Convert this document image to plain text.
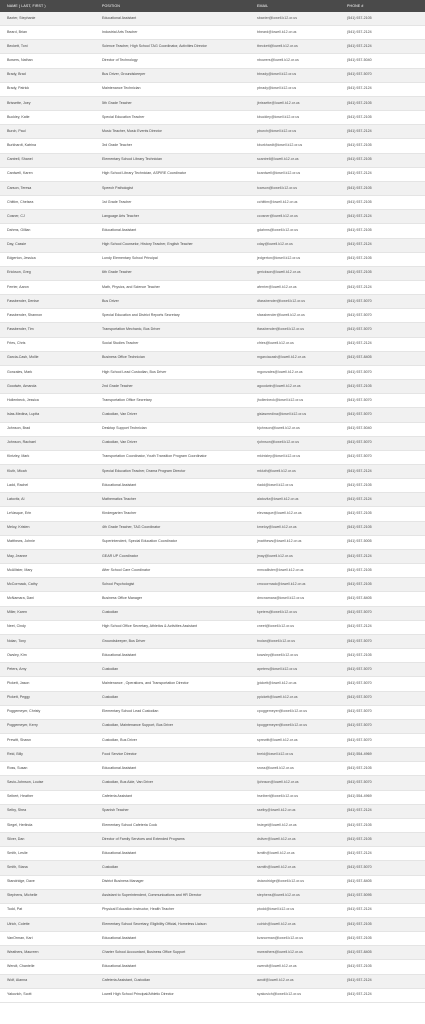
NAME ( LAST, FIRST )	POSITION	EMAIL	PHONE #
Baxter, Stephanie	Educational Assistant	sbaxter@lowell.k12.or.us	(541) 937-2105
Beard, Brian	Industrial Arts Teacher	bbeard@lowell.k12.or.us	(541) 937-2124
Beckett, Toni	Science Teacher, High School TAG Coordinator, Activities Director	tbeckett@lowell.k12.or.us	(541) 937-2124
Bowers, Nathan	Director of Technology	nbowers@lowell.k12.or.us	(541) 937-5040
Brady, Brad	Bus Driver, Groundskeeper	bbrady@lowell.k12.or.us	(541) 937-5070
Brady, Patrick	Maintenance Technician	pbrady@lowell.k12.or.us	(541) 937-2124
Brissette, Joey	5th Grade Teacher	jbrissette@lowell.k12.or.us	(541) 937-2105
Buckley, Katie	Special Education Teacher	kbuckley@lowell.k12.or.us	(541) 937-2105
Burch, Paul	Music Teacher, Music Events Director	pburch@lowell.k12.or.us	(541) 937-2124
Burkhardt, Katrina	3rd Grade Teacher	kburkhardt@lowell.k12.or.us	(541) 937-2105
Cantrell, Shanel	Elementary School Library Technician	scantrell@lowell.k12.or.us	(541) 937-2105
Cardwell, Karen	High School Library Technician, ASPIRE Coordinator	kcardwell@lowell.k12.or.us	(541) 937-2124
Carson, Teresa	Speech Pathologist	tcarson@lowell.k12.or.us	(541) 937-2105
Chittim, Chelsea	1st Grade Teacher	cchittim@lowell.k12.or.us	(541) 937-2105
Cosner, CJ	Language Arts Teacher	ccosner@lowell.k12.or.us	(541) 937-2124
Dahms, Gillian	Educational Assistant	gdahms@lowell.k12.or.us	(541) 937-2105
Day, Cassie	High School Counselor, History Teacher, English Teacher	cday@lowell.k12.or.us	(541) 937-2124
Edgerton, Jessica	Lundy Elementary School Principal	jedgerton@lowell.k12.or.us	(541) 937-2105
Erickson, Greg	6th Grade Teacher	gerickson@lowell.k12.or.us	(541) 937-2105
Ferrier, Aaron	Math, Physics, and Science Teacher	aferrier@lowell.k12.or.us	(541) 937-2124
Fassbender, Denise	Bus Driver	dfassbender@lowell.k12.or.us	(541) 937-5070
Fassbender, Shannon	Special Education and District Reports Secretary	sfassbender@lowell.k12.or.us	(541) 937-5070
Fassbender, Tim	Transportation Mechanic, Bus Driver	tfassbender@lowell.k12.or.us	(541) 937-5070
Fries, Chris	Social Studies Teacher	cfries@lowell.k12.or.us	(541) 937-2124
Garcia-Cash, Mollie	Business Office Technician	mgarciacash@lowell.k12.or.us	(541) 937-8405
Gonzales, Mark	High School Lead Custodian, Bus Driver	mgonzales@lowell.k12.or.us	(541) 937-5070
Goodwin, Amanda	2nd Grade Teacher	agoodwin@lowell.k12.or.us	(541) 937-2105
Hollenbeck, Jessica	Transportation Office Secretary	jhollenbeck@lowell.k12.or.us	(541) 937-5070
Islas-Medina, Lupita	Custodian, Van Driver	gislasmedina@lowell.k12.or.us	(541) 937-5070
Johnson, Brad	Desktop Support Technician	bjohnson@lowell.k12.or.us	(541) 937-5040
Johnson, Rachael	Custodian, Van Driver	rjohnson@lowell.k12.or.us	(541) 937-5070
Kintzley, Mark	Transportation Coordinator, Youth Transition Program Coordinator	mkintzley@lowell.k12.or.us	(541) 937-5070
Kluth, Micah	Special Education Teacher, Drama Program Director	mkluth@lowell.k12.or.us	(541) 937-2124
Ladd, Rachel	Educational Assistant	rladd@lowell.k12.or.us	(541) 937-2105
Latovitz, Al	Mathematics Teacher	alatovitz@lowell.k12.or.us	(541) 937-2124
LeVasque, Erin	Kindergarten Teacher	elevasque@lowell.k12.or.us	(541) 937-2105
Meloy, Kristen	4th Grade Teacher, TAG Coordinator	kmeloy@lowell.k12.or.us	(541) 937-2105
Matthews, Johnie	Superintendent, Special Education Coordinator	jmatthews@lowell.k12.or.us	(541) 937-5005
May, Jeanne	GEAR UP Coordinator	jmay@lowell.k12.or.us	(541) 937-2124
McAllister, Mary	After School Care Coordinator	mmcallister@lowell.k12.or.us	(541) 937-2105
McCormack, Cathy	School Psychologist	cmccormack@lowell.k12.or.us	(541) 937-2105
McNamara, Dani	Business Office Manager	dmcnamara@lowell.k12.or.us	(541) 937-8405
Miller, Karen	Custodian	kpeters@lowell.k12.or.us	(541) 937-5070
Neet, Cindy	High School Office Secretary, Athletics & Activities Assistant	cneet@lowell.k12.or.us	(541) 937-2124
Nolan, Tony	Groundskeeper, Bus Driver	tnolan@lowell.k12.or.us	(541) 937-5070
Owsley, Kim	Educational Assistant	kowsley@lowell.k12.or.us	(541) 937-2105
Peters, Amy	Custodian	apeters@lowell.k12.or.us	(541) 937-5070
Pickett, Jason	Maintenance , Operations, and Transportation Director	jpickett@lowell.k12.or.us	(541) 937-5070
Pickett, Peggy	Custodian	ppickett@lowell.k12.or.us	(541) 937-5070
Poggemeyer, Christy	Elementary School Lead Custodian	cpoggemeyer@lowell.k12.or.us	(541) 937-5070
Poggemeyer, Kerry	Custodian, Maintenance Support, Bus Driver	kpoggemeyer@lowell.k12.or.us	(541) 937-5070
Prewitt, Shawn	Custodian, Bus Driver	sprewitt@lowell.k12.or.us	(541) 937-5070
Reid, Billy	Food Service Director	breid@lowell.k12.or.us	(541) 554-4969
Ross, Susan	Educational Assistant	sross@lowell.k12.or.us	(541) 937-2105
Savio-Johnson, Louise	Custodian, Bus Aide, Van Driver	ljohnson@lowell.k12.or.us	(541) 937-5070
Seibert, Heather	Cafeteria Assistant	hseibert@lowell.k12.or.us	(541) 554-4969
Selby, Shea	Spanish Teacher	sselby@lowell.k12.or.us	(541) 937-2124
Siegel, Herlinda	Elementary School Cafeteria Cook	hsiegel@lowell.k12.or.us	(541) 937-2105
Silver, Dan	Director of Family Services and Extended Programs	dsilver@lowell.k12.or.us	(541) 937-2105
Smith, Leslie	Educational Assistant	lsmith@lowell.k12.or.us	(541) 937-2124
Smith, Stana	Custodian	ssmith@lowell.k12.or.us	(541) 937-5070
Standridge, Dave	District Business Manager	dstandridge@lowell.k12.or.us	(541) 937-8405
Stephens, Michelle	Assistant to Superintendent, Communications and HR Director	stephens@lowell.k12.or.us	(541) 937-5095
Todd, Pat	Physical Education Instructor, Health Teacher	ptodd@lowell.k12.or.us	(541) 937-2124
Ulrich, Colette	Elementary School Secretary, Eligibility Official, Homeless Liaison	culrich@lowell.k12.or.us	(541) 937-2105
VanOrman, Kari	Educational Assistant	kvanorman@lowell.k12.or.us	(541) 937-2105
Weathers, Maureen	Charter School Accountant, Business Office Support	mweathers@lowell.k12.or.us	(541) 937-8405
Wendt, Chantelle	Educational Assistant	cwendt@lowell.k12.or.us	(541) 937-2105
Wolf, Alanna	Cafeteria Assistant, Custodian	awolf@lowell.k12.or.us	(541) 937-2124
Yakovich, Scott	Lowell High School Principal/Athletic Director	syakovich@lowell.k12.or.us	(541) 937-2124
